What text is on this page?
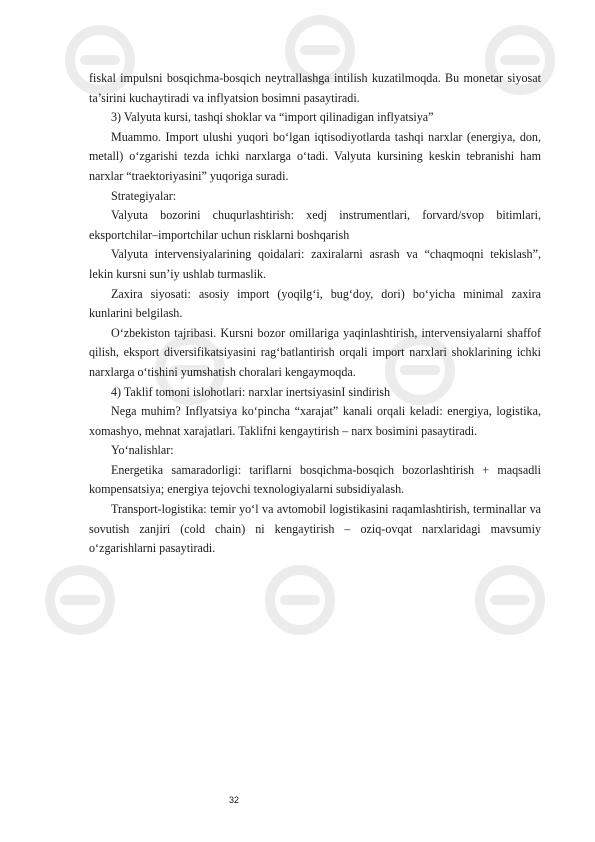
fiskal impulsni bosqichma-bosqich neytrallashga intilish kuzatilmoqda. Bu monetar siyosat ta’sirini kuchaytiradi va inflyatsion bosimni pasaytiradi.

3) Valyuta kursi, tashqi shoklar va “import qilinadigan inflyatsiya”

Muammo. Import ulushi yuqori bo‘lgan iqtisodiyotlarda tashqi narxlar (energiya, don, metall) o‘zgarishi tezda ichki narxlarga o‘tadi. Valyuta kursining keskin tebranishi ham narxlar “traektoriyasini” yuqoriga suradi.

Strategiyalar:

Valyuta bozorini chuqurlashtirish: xedj instrumentlari, forvard/svop bitimlari, eksportchilar–importchilar uchun risklarni boshqarish

Valyuta intervensiyalarining qoidalari: zaxiralarni asrash va “chaqmoqni tekislash”, lekin kursni sun’iy ushlab turmaslik.

Zaxira siyosati: asosiy import (yoqilg‘i, bug‘doy, dori) bo‘yicha minimal zaxira kunlarini belgilash.

O‘zbekiston tajribasi. Kursni bozor omillariga yaqinlashtirish, intervensiyalarni shaffof qilish, eksport diversifikatsiyasini rag‘batlantirish orqali import narxlari shoklarining ichki narxlarga o‘tishini yumshatish choralari kengaymoqda.

4) Taklif tomoni islohotlari: narxlar inertsiyasinI sindirish

Nega muhim? Inflyatsiya ko‘pincha “xarajat” kanali orqali keladi: energiya, logistika, xomashyo, mehnat xarajatlari. Taklifni kengaytirish – narx bosimini pasaytiradi.

Yo‘nalishlar:

Energetika samaradorligi: tariflarni bosqichma-bosqich bozorlashtirish + maqsadli kompensatsiya; energiya tejovchi texnologiyalarni subsidiyalash.

Transport-logistika: temir yo‘l va avtomobil logistikasini raqamlashtirish, terminallar va sovutish zanjiri (cold chain) ni kengaytirish – oziq-ovqat narxlaridagi mavsumiy o‘zgarishlarni pasaytiradi.

32
